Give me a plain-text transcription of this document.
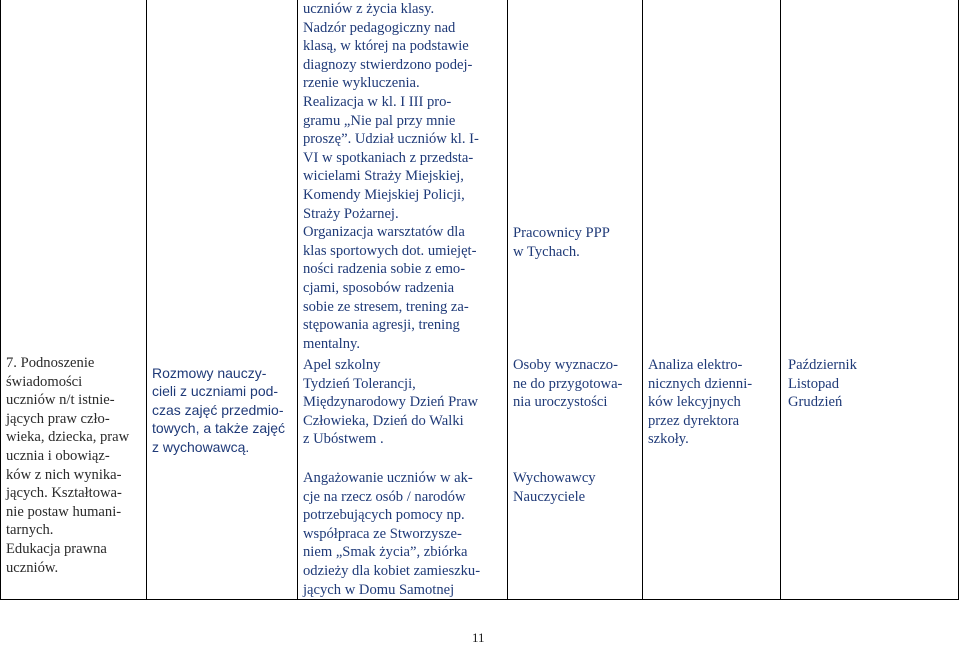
7. Podnoszenie
świadomości
uczniów n/t istnie-
jących praw czło-
wieka, dziecka, praw
ucznia i obowiąz-
ków z nich wynika-
jących. Kształtowa-
nie postaw humani-
tarnych.
Edukacja prawna
uczniów.

Rozmowy nauczy-
cieli z uczniami pod-
czas zajęć przedmio-
towych, a także zajęć
z wychowawcą.

uczniów z życia klasy.
Nadzór pedagogiczny nad
klasą, w której na podstawie
diagnozy stwierdzono podej-
rzenie wykluczenia.
Realizacja w kl. I III pro-
gramu „Nie pal przy mnie
proszę”. Udział uczniów kl. I-
VI w spotkaniach z przedsta-
wicielami Straży Miejskiej,
Komendy Miejskiej Policji,
Straży Pożarnej.
Organizacja warsztatów dla
klas sportowych dot. umiejęt-
ności radzenia sobie z emo-
cjami, sposobów radzenia
sobie ze stresem, trening za-
stępowania agresji, trening
mentalny.

Apel szkolny
Tydzień Tolerancji,
Międzynarodowy Dzień Praw
Człowieka, Dzień do Walki
z Ubóstwem .

Angażowanie uczniów w ak-
cje na rzecz osób / narodów
potrzebujących pomocy np.
współpraca ze Stworzysze-
niem „Smak życia”, zbiórka
odzieży dla kobiet zamieszku-
jących w Domu Samotnej

Pracownicy PPP
w Tychach.

Osoby wyznaczo-
ne do przygotowa-
nia uroczystości

Wychowawcy
Nauczyciele

Analiza elektro-
nicznych dzienni-
ków lekcyjnych
przez dyrektora
szkoły.

Październik
Listopad
Grudzień

11
